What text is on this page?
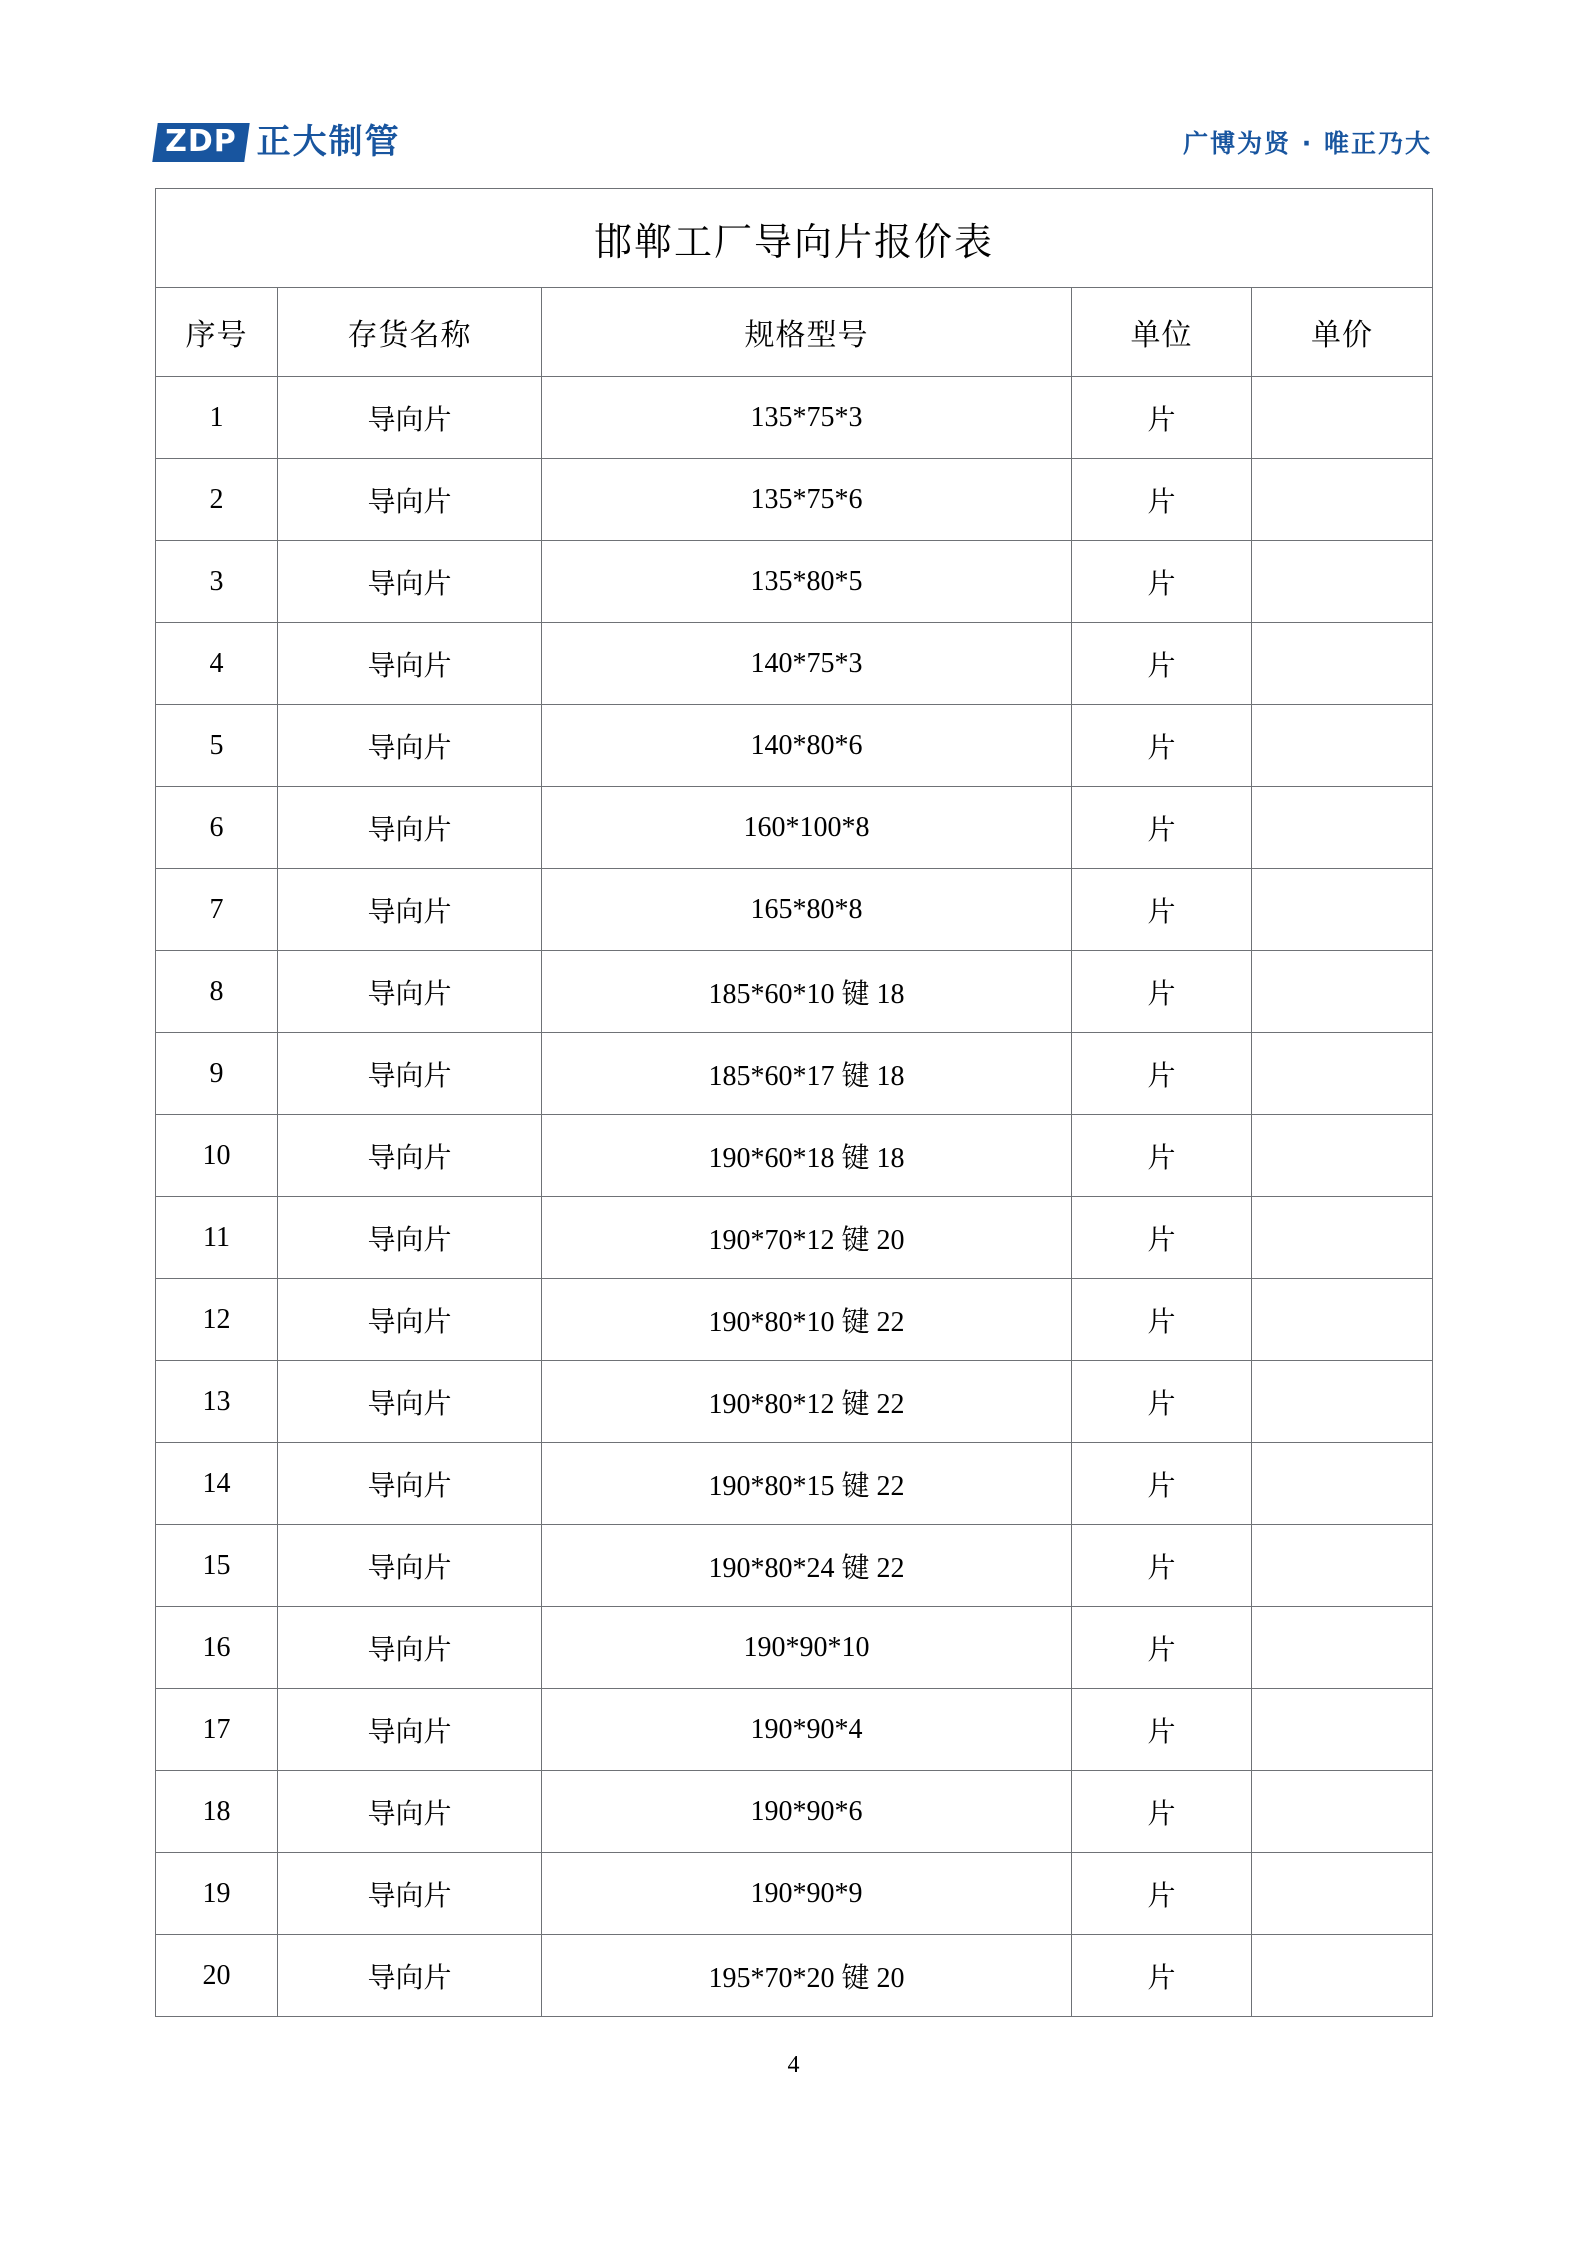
ZDP 正大制管	广博为贤 · 唯正乃大
邯郸工厂导向片报价表				
序号	存货名称	规格型号	单位	单价
1	导向片	135*75*3	片	
2	导向片	135*75*6	片	
3	导向片	135*80*5	片	
4	导向片	140*75*3	片	
5	导向片	140*80*6	片	
6	导向片	160*100*8	片	
7	导向片	165*80*8	片	
8	导向片	185*60*10 键 18	片	
9	导向片	185*60*17 键 18	片	
10	导向片	190*60*18 键 18	片	
11	导向片	190*70*12 键 20	片	
12	导向片	190*80*10 键 22	片	
13	导向片	190*80*12 键 22	片	
14	导向片	190*80*15 键 22	片	
15	导向片	190*80*24 键 22	片	
16	导向片	190*90*10	片	
17	导向片	190*90*4	片	
18	导向片	190*90*6	片	
19	导向片	190*90*9	片	
20	导向片	195*70*20 键 20	片	
4
